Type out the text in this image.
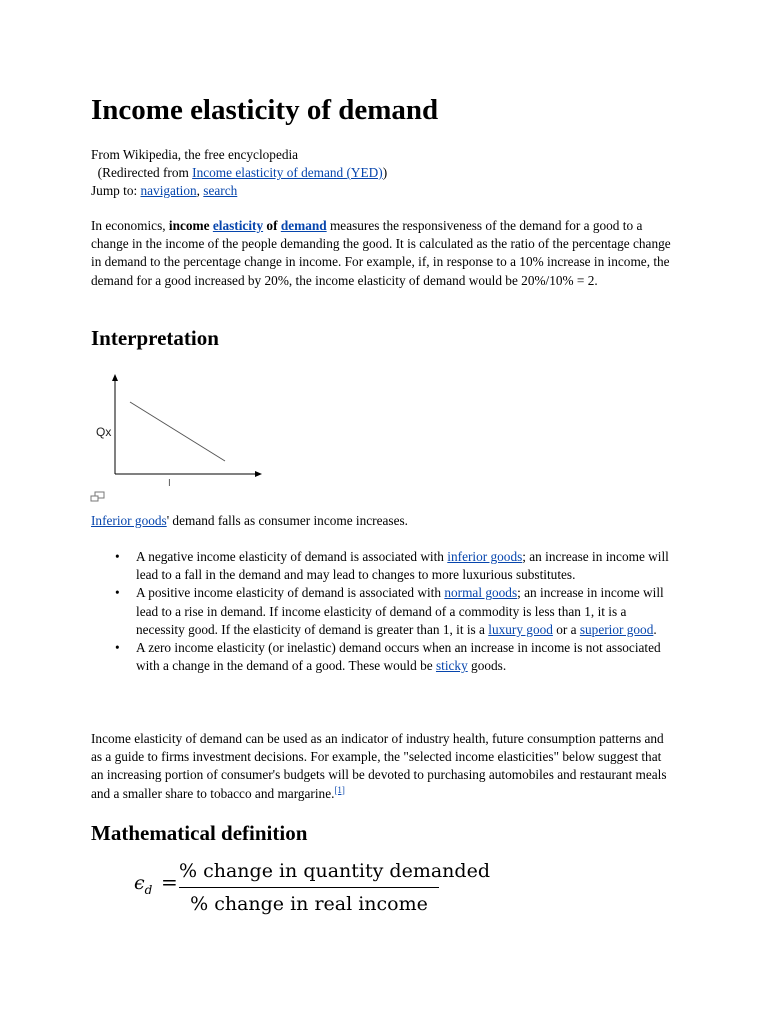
Income elasticity of demand
From Wikipedia, the free encyclopedia
(Redirected from Income elasticity of demand (YED))
Jump to: navigation, search

In economics, income elasticity of demand measures the responsiveness of the demand for a good to a change in the income of the people demanding the good. It is calculated as the ratio of the percentage change in demand to the percentage change in income. For example, if, in response to a 10% increase in income, the demand for a good increased by 20%, the income elasticity of demand would be 20%/10% = 2.

Interpretation
Qx
I
Inferior goods' demand falls as consumer income increases.
• A negative income elasticity of demand is associated with inferior goods; an increase in income will lead to a fall in the demand and may lead to changes to more luxurious substitutes.
• A positive income elasticity of demand is associated with normal goods; an increase in income will lead to a rise in demand. If income elasticity of demand of a commodity is less than 1, it is a necessity good. If the elasticity of demand is greater than 1, it is a luxury good or a superior good.
• A zero income elasticity (or inelastic) demand occurs when an increase in income is not associated with a change in the demand of a good. These would be sticky goods.

Income elasticity of demand can be used as an indicator of industry health, future consumption patterns and as a guide to firms investment decisions. For example, the "selected income elasticities" below suggest that an increasing portion of consumer's budgets will be devoted to purchasing automobiles and restaurant meals and a smaller share to tobacco and margarine.[1]

Mathematical definition
$\epsilon_d$ = % change in quantity demanded
% change in real income
